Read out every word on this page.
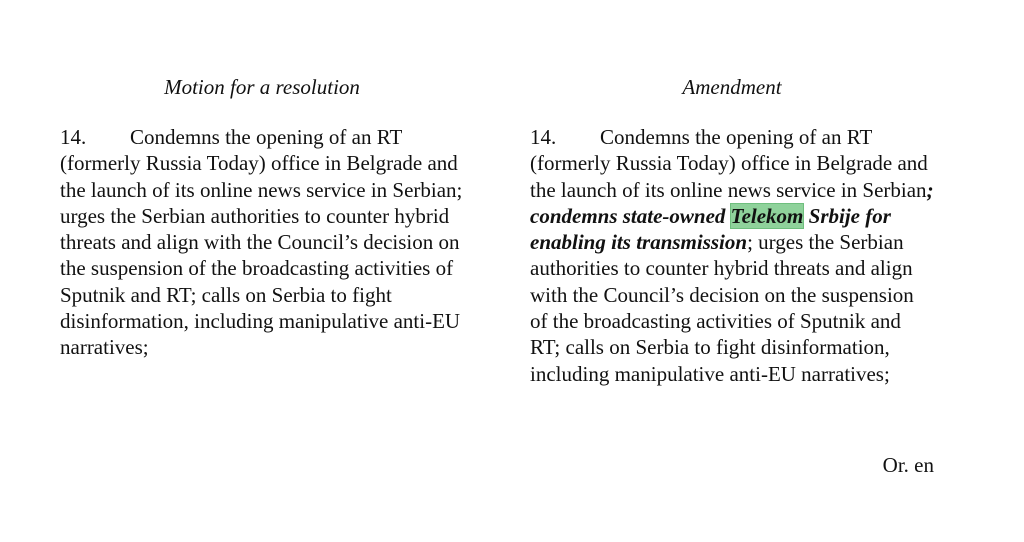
Motion for a resolution	Amendment

14. Condemns the opening of an RT (formerly Russia Today) office in Belgrade and the launch of its online news service in Serbian; urges the Serbian authorities to counter hybrid threats and align with the Council’s decision on the suspension of the broadcasting activities of Sputnik and RT; calls on Serbia to fight disinformation, including manipulative anti-EU narratives;

14. Condemns the opening of an RT (formerly Russia Today) office in Belgrade and the launch of its online news service in Serbian; condemns state-owned Telekom Srbije for enabling its transmission; urges the Serbian authorities to counter hybrid threats and align with the Council’s decision on the suspension of the broadcasting activities of Sputnik and RT; calls on Serbia to fight disinformation, including manipulative anti-EU narratives;

Or. en
